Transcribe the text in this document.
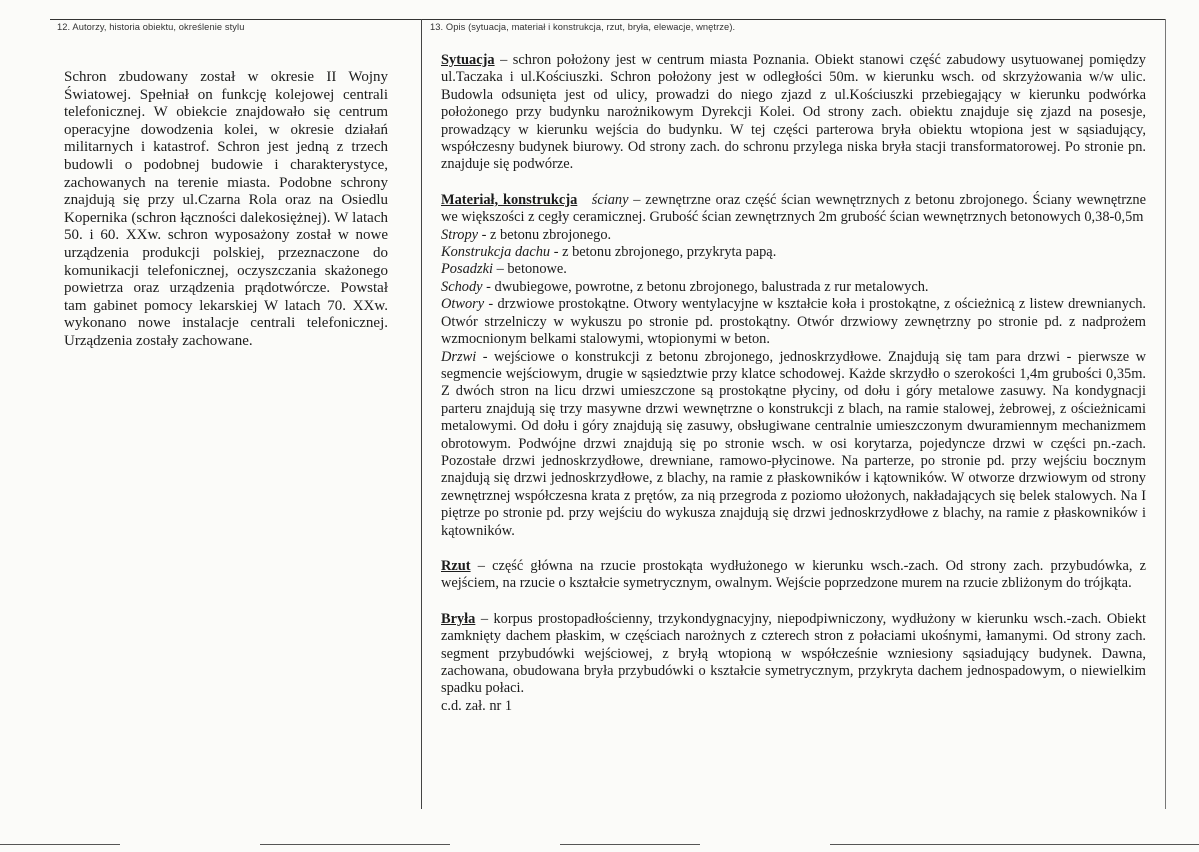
12. Autorzy, historia obiektu, określenie stylu	13. Opis (sytuacja, materiał i konstrukcja, rzut, bryła, elewacje, wnętrze).
Schron zbudowany został w okresie II Wojny Światowej. Spełniał on funkcję kolejowej centrali telefonicznej. W obiekcie znajdowało się centrum operacyjne dowodzenia kolei, w okresie działań militarnych i katastrof. Schron jest jedną z trzech budowli o podobnej budowie i charakterystyce, zachowanych na terenie miasta. Podobne schrony znajdują się przy ul.Czarna Rola oraz na Osiedlu Kopernika (schron łączności dalekosiężnej). W latach 50. i 60. XXw. schron wyposażony został w nowe urządzenia produkcji polskiej, przeznaczone do komunikacji telefonicznej, oczyszczania skażonego powietrza oraz urządzenia prądotwórcze. Powstał tam gabinet pomocy lekarskiej W latach 70. XXw. wykonano nowe instalacje centrali telefonicznej. Urządzenia zostały zachowane.
Sytuacja – schron położony jest w centrum miasta Poznania. Obiekt stanowi część zabudowy usytuowanej pomiędzy ul.Taczaka i ul.Kościuszki. Schron położony jest w odległości 50m. w kierunku wsch. od skrzyżowania w/w ulic. Budowla odsunięta jest od ulicy, prowadzi do niego zjazd z ul.Kościuszki przebiegający w kierunku podwórka położonego przy budynku narożnikowym Dyrekcji Kolei. Od strony zach. obiektu znajduje się zjazd na posesje, prowadzący w kierunku wejścia do budynku. W tej części parterowa bryła obiektu wtopiona jest w sąsiadujący, współczesny budynek biurowy. Od strony zach. do schronu przylega niska bryła stacji transformatorowej. Po stronie pn. znajduje się podwórze.
Materiał, konstrukcja ściany – zewnętrzne oraz część ścian wewnętrznych z betonu zbrojonego. Ściany wewnętrzne we większości z cegły ceramicznej. Grubość ścian zewnętrznych 2m grubość ścian wewnętrznych betonowych 0,38-0,5m
Stropy - z betonu zbrojonego.
Konstrukcja dachu - z betonu zbrojonego, przykryta papą.
Posadzki – betonowe.
Schody - dwubiegowe, powrotne, z betonu zbrojonego, balustrada z rur metalowych.
Otwory - drzwiowe prostokątne. Otwory wentylacyjne w kształcie koła i prostokątne, z ościeżnicą z listew drewnianych. Otwór strzelniczy w wykuszu po stronie pd. prostokątny. Otwór drzwiowy zewnętrzny po stronie pd. z nadprożem wzmocnionym belkami stalowymi, wtopionymi w beton.
Drzwi - wejściowe o konstrukcji z betonu zbrojonego, jednoskrzydłowe. Znajdują się tam para drzwi - pierwsze w segmencie wejściowym, drugie w sąsiedztwie przy klatce schodowej. Każde skrzydło o szerokości 1,4m grubości 0,35m. Z dwóch stron na licu drzwi umieszczone są prostokątne płyciny, od dołu i góry metalowe zasuwy. Na kondygnacji parteru znajdują się trzy masywne drzwi wewnętrzne o konstrukcji z blach, na ramie stalowej, żebrowej, z ościeżnicami metalowymi. Od dołu i góry znajdują się zasuwy, obsługiwane centralnie umieszczonym dwuramiennym mechanizmem obrotowym. Podwójne drzwi znajdują się po stronie wsch. w osi korytarza, pojedyncze drzwi w części pn.-zach. Pozostałe drzwi jednoskrzydłowe, drewniane, ramowo-płycinowe. Na parterze, po stronie pd. przy wejściu bocznym znajdują się drzwi jednoskrzydłowe, z blachy, na ramie z płaskowników i kątowników. W otworze drzwiowym od strony zewnętrznej współczesna krata z prętów, za nią przegroda z poziomo ułożonych, nakładających się belek stalowych. Na I piętrze po stronie pd. przy wejściu do wykusza znajdują się drzwi jednoskrzydłowe z blachy, na ramie z płaskowników i kątowników.
Rzut – część główna na rzucie prostokąta wydłużonego w kierunku wsch.-zach. Od strony zach. przybudówka, z wejściem, na rzucie o kształcie symetrycznym, owalnym. Wejście poprzedzone murem na rzucie zbliżonym do trójkąta.
Bryła – korpus prostopadłościenny, trzykondygnacyjny, niepodpiwniczony, wydłużony w kierunku wsch.-zach. Obiekt zamknięty dachem płaskim, w częściach narożnych z czterech stron z połaciami ukośnymi, łamanymi. Od strony zach. segment przybudówki wejściowej, z bryłą wtopioną w współcześnie wzniesiony sąsiadujący budynek. Dawna, zachowana, obudowana bryła przybudówki o kształcie symetrycznym, przykryta dachem jednospadowym, o niewielkim spadku połaci.
c.d. zał. nr 1
